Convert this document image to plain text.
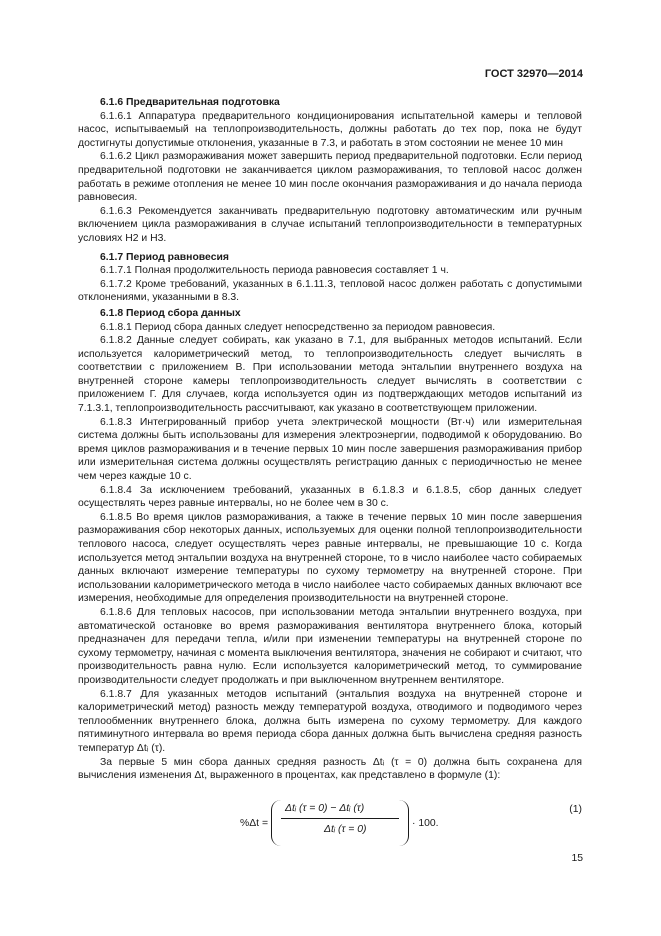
ГОСТ 32970—2014
6.1.6 Предварительная подготовка

6.1.6.1 Аппаратура предварительного кондиционирования испытательной камеры и тепловой насос, испытываемый на теплопроизводительность, должны работать до тех пор, пока не будут достигнуты допустимые отклонения, указанные в 7.3, и работать в этом состоянии не менее 10 мин

6.1.6.2 Цикл размораживания может завершить период предварительной подготовки. Если период предварительной подготовки не заканчивается циклом размораживания, то тепловой насос должен работать в режиме отопления не менее 10 мин после окончания размораживания и до начала периода равновесия.

6.1.6.3 Рекомендуется заканчивать предварительную подготовку автоматическим или ручным включением цикла размораживания в случае испытаний теплопроизводительности в температурных условиях Н2 и Н3.

6.1.7 Период равновесия

6.1.7.1 Полная продолжительность периода равновесия составляет 1 ч.

6.1.7.2 Кроме требований, указанных в 6.1.11.3, тепловой насос должен работать с допустимыми отклонениями, указанными в 8.3.

6.1.8 Период сбора данных

6.1.8.1 Период сбора данных следует непосредственно за периодом равновесия.

6.1.8.2 Данные следует собирать, как указано в 7.1, для выбранных методов испытаний. Если используется калориметрический метод, то теплопроизводительность следует вычислять в соответствии с приложением В. При использовании метода энтальпии внутреннего воздуха на внутренней стороне камеры теплопроизводительность следует вычислять в соответствии с приложением Г. Для случаев, когда используется один из подтверждающих методов испытаний из 7.1.3.1, теплопроизводительность рассчитывают, как указано в соответствующем приложении.

6.1.8.3 Интегрированный прибор учета электрической мощности (Вт·ч) или измерительная система должны быть использованы для измерения электроэнергии, подводимой к оборудованию. Во время циклов размораживания и в течение первых 10 мин после завершения размораживания прибор или измерительная система должны осуществлять регистрацию данных с периодичностью не менее чем через каждые 10 с.

6.1.8.4 За исключением требований, указанных в 6.1.8.3 и 6.1.8.5, сбор данных следует осуществлять через равные интервалы, но не более чем в 30 с.

6.1.8.5 Во время циклов размораживания, а также в течение первых 10 мин после завершения размораживания сбор некоторых данных, используемых для оценки полной теплопроизводительности теплового насоса, следует осуществлять через равные интервалы, не превышающие 10 с. Когда используется метод энтальпии воздуха на внутренней стороне, то в число наиболее часто собираемых данных включают измерение температуры по сухому термометру на внутренней стороне. При использовании калориметрического метода в число наиболее часто собираемых данных включают все измерения, необходимые для определения производительности на внутренней стороне.

6.1.8.6 Для тепловых насосов, при использовании метода энтальпии внутреннего воздуха, при автоматической остановке во время размораживания вентилятора внутреннего блока, который предназначен для передачи тепла, и/или при изменении температуры на внутренней стороне по сухому термометру, начиная с момента выключения вентилятора, значения не собирают и считают, что производительность равна нулю. Если используется калориметрический метод, то суммирование производительности следует продолжать и при выключенном внутреннем вентиляторе.

6.1.8.7 Для указанных методов испытаний (энтальпия воздуха на внутренней стороне и калориметрический метод) разность между температурой воздуха, отводимого и подводимого через теплообменник внутреннего блока, должна быть измерена по сухому термометру. Для каждого пятиминутного интервала во время периода сбора данных должна быть вычислена средняя разность температур Δtᵢ (τ).

За первые 5 мин сбора данных средняя разность Δtᵢ (τ = 0) должна быть сохранена для вычисления изменения Δt, выраженного в процентах, как представлено в формуле (1):

%Δt =
Δtᵢ (τ = 0) − Δtᵢ (τ)
Δtᵢ (τ = 0)
· 100.
(1)
15
